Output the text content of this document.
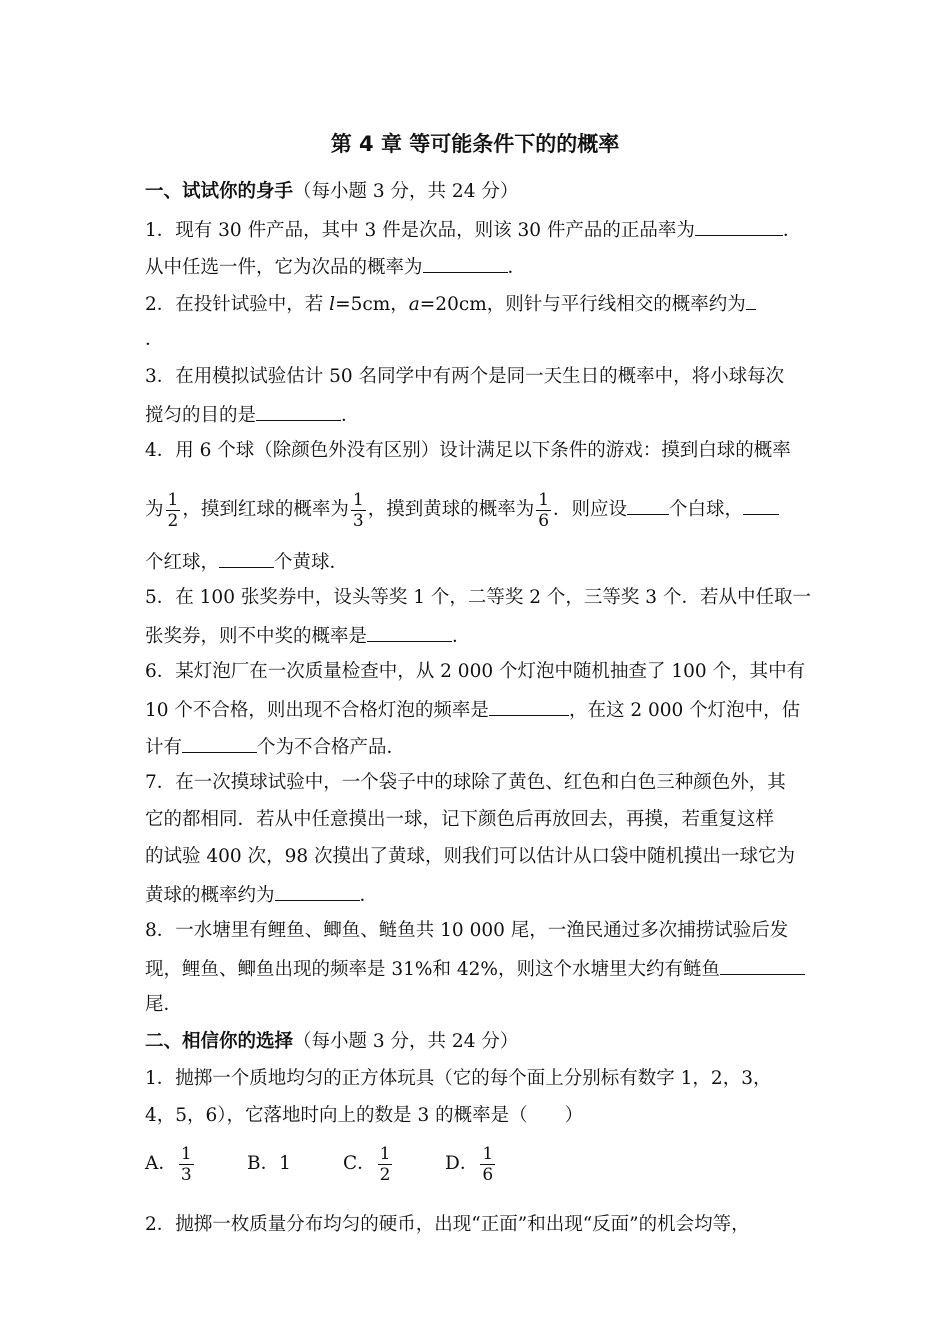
第 4 章 等可能条件下的的概率
一、试试你的身手（每小题 3 分，共 24 分）
1．现有 30 件产品，其中 3 件是次品，则该 30 件产品的正品率为	．
从中任选一件，它为次品的概率为	．
2．在投针试验中，若 l=5cm，a=20cm，则针与平行线相交的概率约为
．
3．在用模拟试验估计 50 名同学中有两个是同一天生日的概率中，将小球每次
搅匀的目的是	．
4．用 6 个球（除颜色外没有区别）设计满足以下条件的游戏：摸到白球的概率
为 $\frac{1}{2}$ ，摸到红球的概率为 $\frac{1}{3}$ ，摸到黄球的概率为 $\frac{1}{6}$ ．则应设 个白球，
个红球，	个黄球．
5．在 100 张奖券中，设头等奖 1 个，二等奖 2 个，三等奖 3 个．若从中任取一
张奖券，则不中奖的概率是	．
6．某灯泡厂在一次质量检查中，从 2 000 个灯泡中随机抽查了 100 个，其中有
10 个不合格，则出现不合格灯泡的频率是	，在这 2 000 个灯泡中，估
计有	个为不合格产品．
7．在一次摸球试验中，一个袋子中的球除了黄色、红色和白色三种颜色外，其
它的都相同．若从中任意摸出一球，记下颜色后再放回去，再摸，若重复这样
的试验 400 次，98 次摸出了黄球，则我们可以估计从口袋中随机摸出一球它为
黄球的概率约为	．
8．一水塘里有鲤鱼、鲫鱼、鲢鱼共 10 000 尾，一渔民通过多次捕捞试验后发
现，鲤鱼、鲫鱼出现的频率是 31%和 42%，则这个水塘里大约有鲢鱼
尾．
二、相信你的选择（每小题 3 分，共 24 分）
1．抛掷一个质地均匀的正方体玩具（它的每个面上分别标有数字 1，2，3，
4，5，6），它落地时向上的数是 3 的概率是（　　）
A． $\frac{1}{3}$	B．1	C． $\frac{1}{2}$	D． $\frac{1}{6}$
2．抛掷一枚质量分布均匀的硬币，出现“正面”和出现“反面”的机会均等，
